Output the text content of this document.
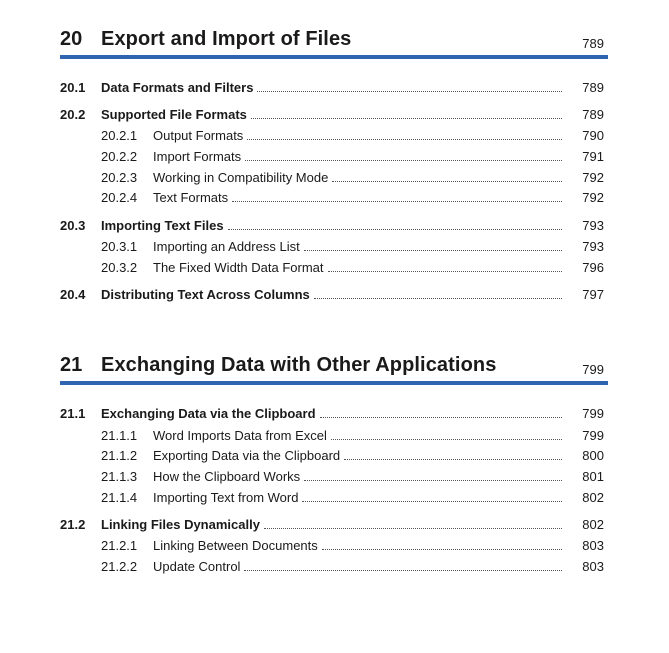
20 Export and Import of Files	789
20.1 Data Formats and Filters	789
20.2 Supported File Formats	789
20.2.1 Output Formats	790
20.2.2 Import Formats	791
20.2.3 Working in Compatibility Mode	792
20.2.4 Text Formats	792
20.3 Importing Text Files	793
20.3.1 Importing an Address List	793
20.3.2 The Fixed Width Data Format	796
20.4 Distributing Text Across Columns	797
21 Exchanging Data with Other Applications	799
21.1 Exchanging Data via the Clipboard	799
21.1.1 Word Imports Data from Excel	799
21.1.2 Exporting Data via the Clipboard	800
21.1.3 How the Clipboard Works	801
21.1.4 Importing Text from Word	802
21.2 Linking Files Dynamically	802
21.2.1 Linking Between Documents	803
21.2.2 Update Control	803
